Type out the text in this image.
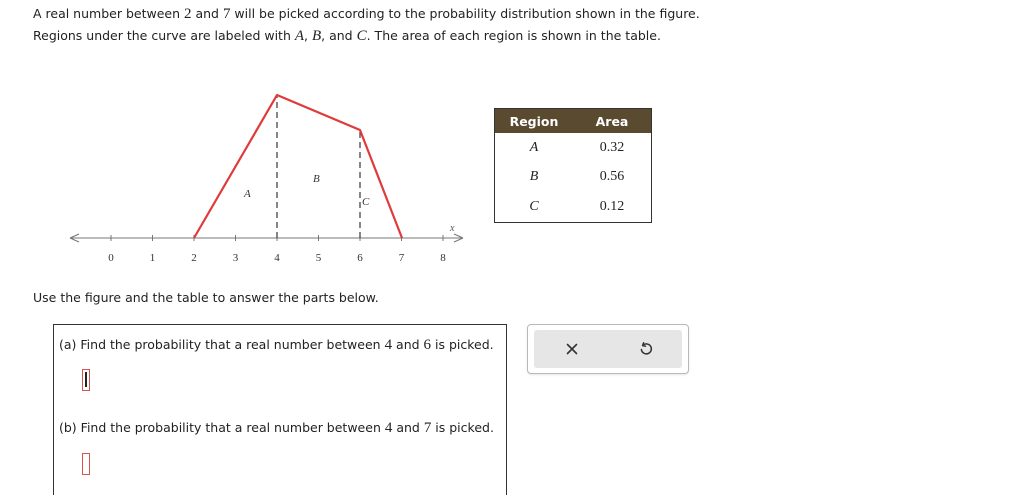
A real number between 2 and 7 will be picked according to the probability distribution shown in the figure.
Regions under the curve are labeled with A, B, and C. The area of each region is shown in the table.
x
0	1	2	3	4	5	6	7	8
A
B
C
Region	Area
A	0.32
B	0.56
C	0.12
Use the figure and the table to answer the parts below.
(a) Find the probability that a real number between 4 and 6 is picked.
(b) Find the probability that a real number between 4 and 7 is picked.
